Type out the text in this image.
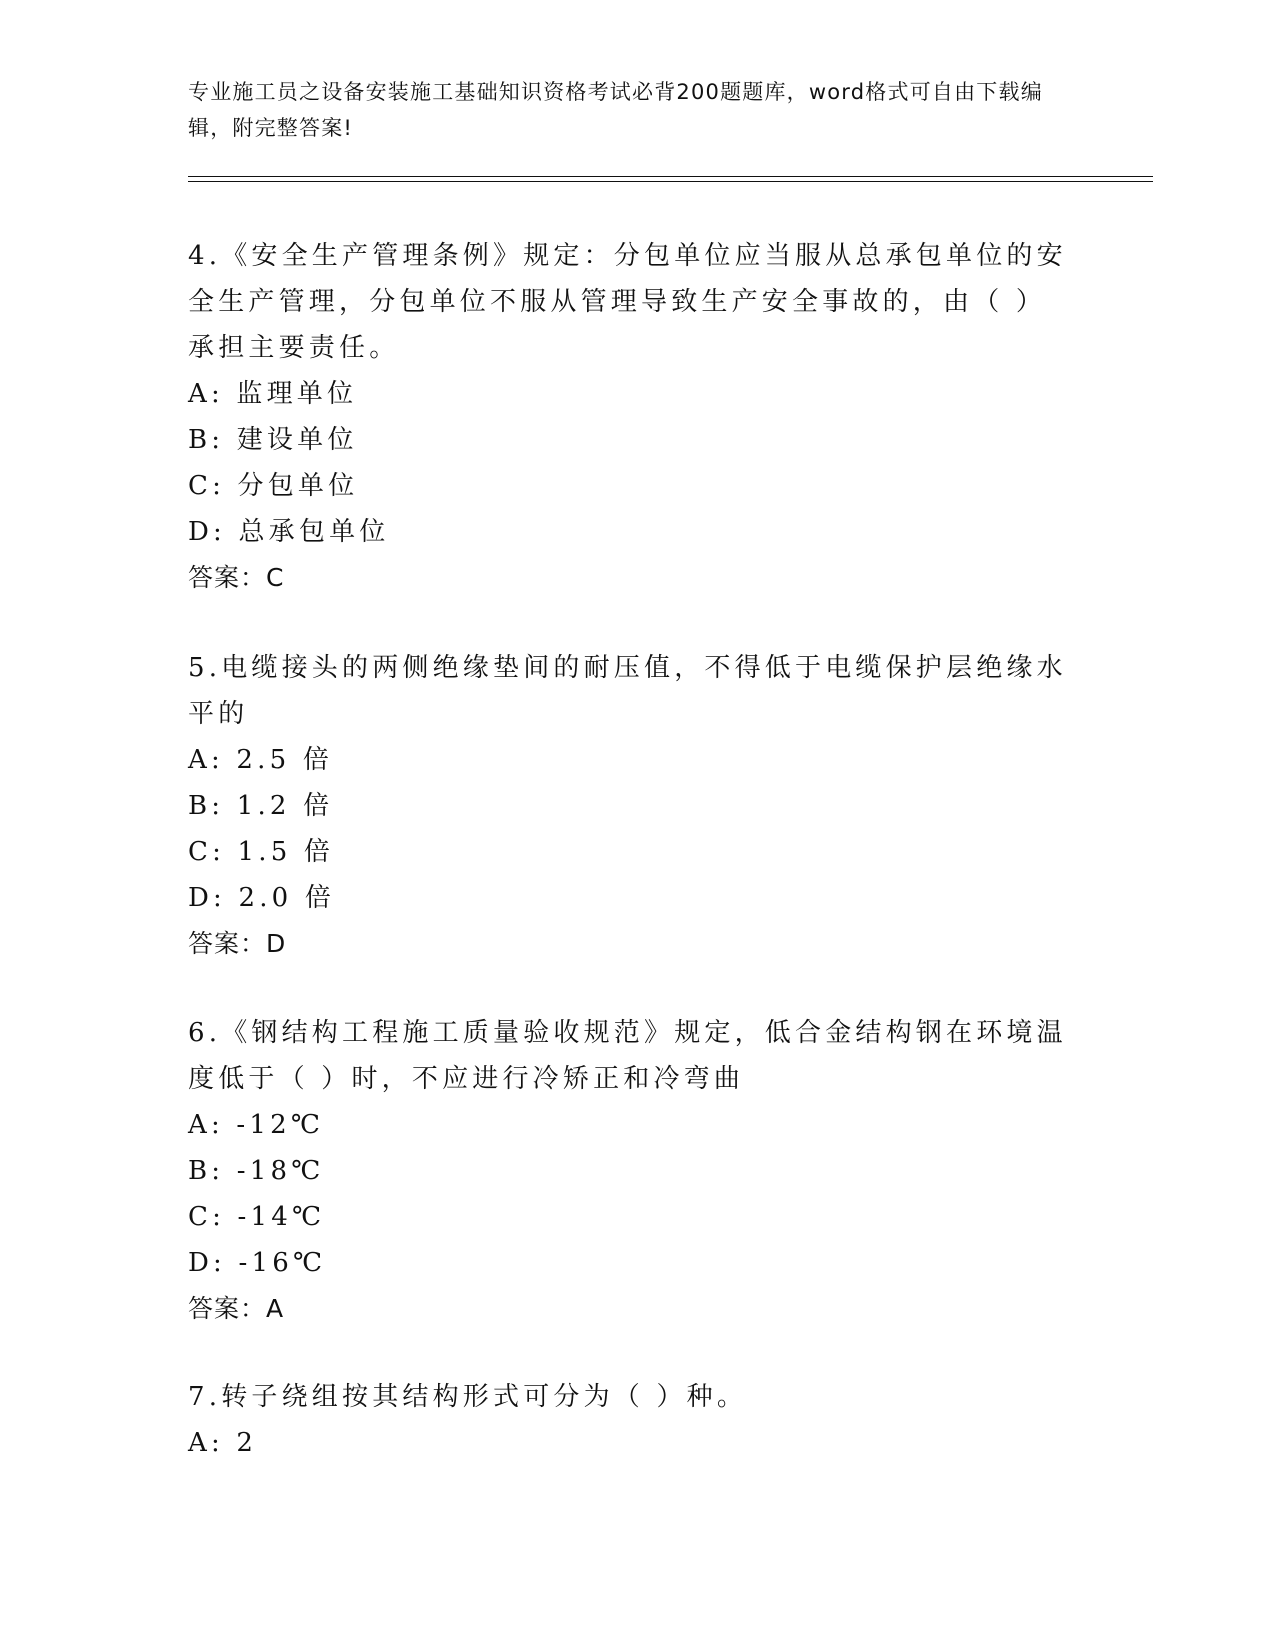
专业施工员之设备安装施工基础知识资格考试必背200题题库，word格式可自由下载编辑，附完整答案!

4.《安全生产管理条例》规定：分包单位应当服从总承包单位的安全生产管理，分包单位不服从管理导致生产安全事故的，由（ ）承担主要责任。

A: 监理单位

B: 建设单位

C: 分包单位

D: 总承包单位

答案：C

5.电缆接头的两侧绝缘垫间的耐压值，不得低于电缆保护层绝缘水平的

A: 2.5 倍

B: 1.2 倍

C: 1.5 倍

D: 2.0 倍

答案：D

6.《钢结构工程施工质量验收规范》规定，低合金结构钢在环境温度低于（ ）时，不应进行冷矫正和冷弯曲

A: -12℃

B: -18℃

C: -14℃

D: -16℃

答案：A

7.转子绕组按其结构形式可分为（ ）种。

A: 2
